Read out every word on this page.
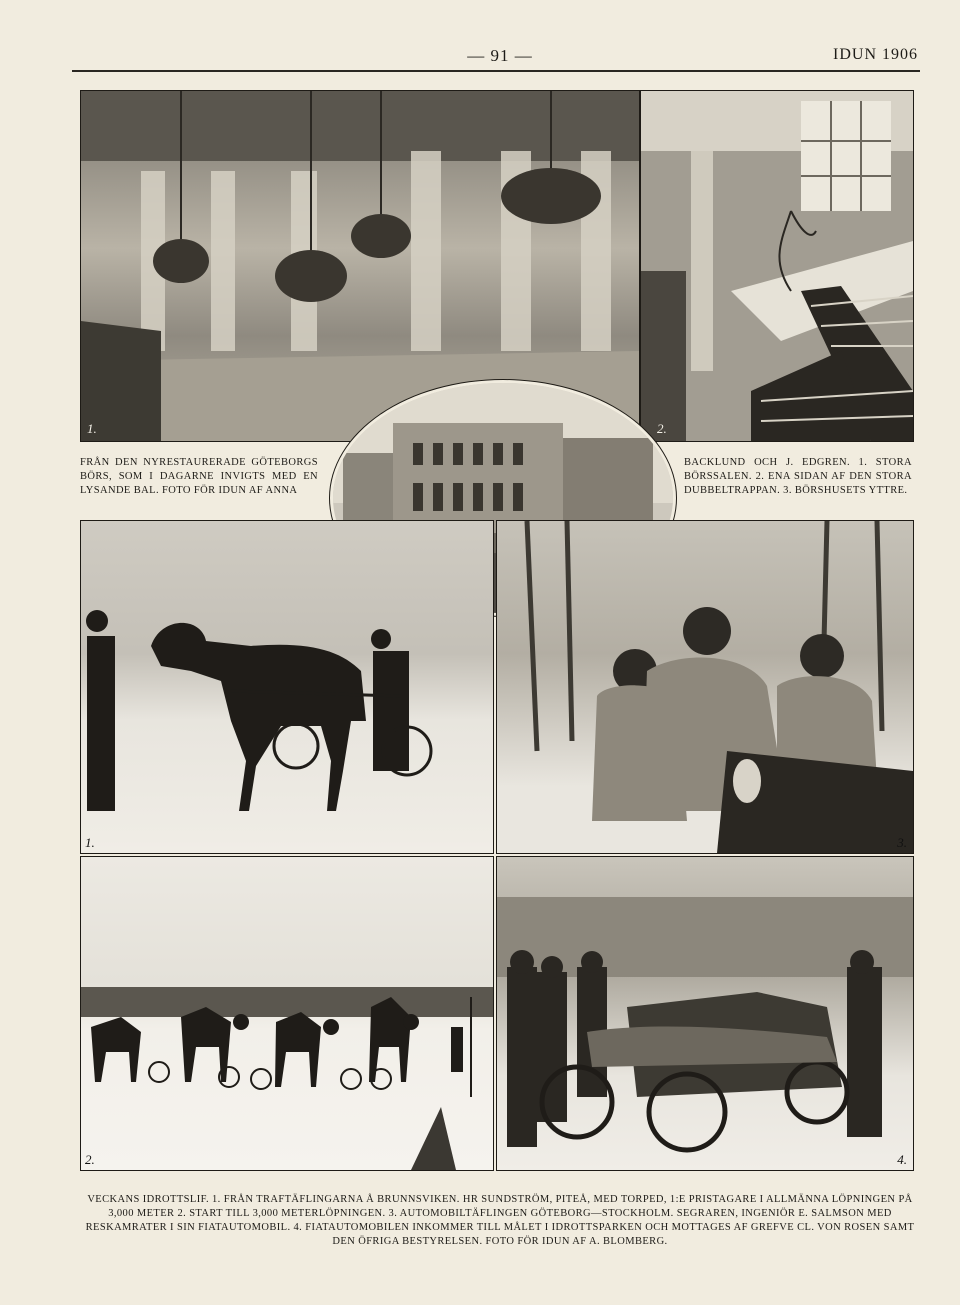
— 91 —	IDUN 1906
1.	2.
FRÅN DEN NYRESTAURERADE GÖTEBORGS BÖRS, SOM I DAGARNE INVIGTS MED EN LYSANDE BAL. FOTO FÖR IDUN AF ANNA
BACKLUND OCH J. EDGREN. 1. STORA BÖRSSALEN. 2. ENA SIDAN AF DEN STORA DUBBELTRAPPAN. 3. BÖRSHUSETS YTTRE.
1.	3.
2.	4.
VECKANS IDROTTSLIF. 1. FRÅN TRAFTÄFLINGARNA Å BRUNNSVIKEN. HR SUNDSTRÖM, PITEÅ, MED TORPED, 1:E PRISTAGARE I ALLMÄNNA LÖPNINGEN PÅ 3,000 METER 2. START TILL 3,000 METERLÖPNINGEN. 3. AUTOMOBILTÄFLINGEN GÖTEBORG—STOCKHOLM. SEGRAREN, INGENIÖR E. SALMSON MED RESKAMRATER I SIN FIATAUTOMOBIL. 4. FIATAUTOMOBILEN INKOMMER TILL MÅLET I IDROTTSPARKEN OCH MOTTAGES AF GREFVE CL. VON ROSEN SAMT DEN ÖFRIGA BESTYRELSEN. FOTO FÖR IDUN AF A. BLOMBERG.
